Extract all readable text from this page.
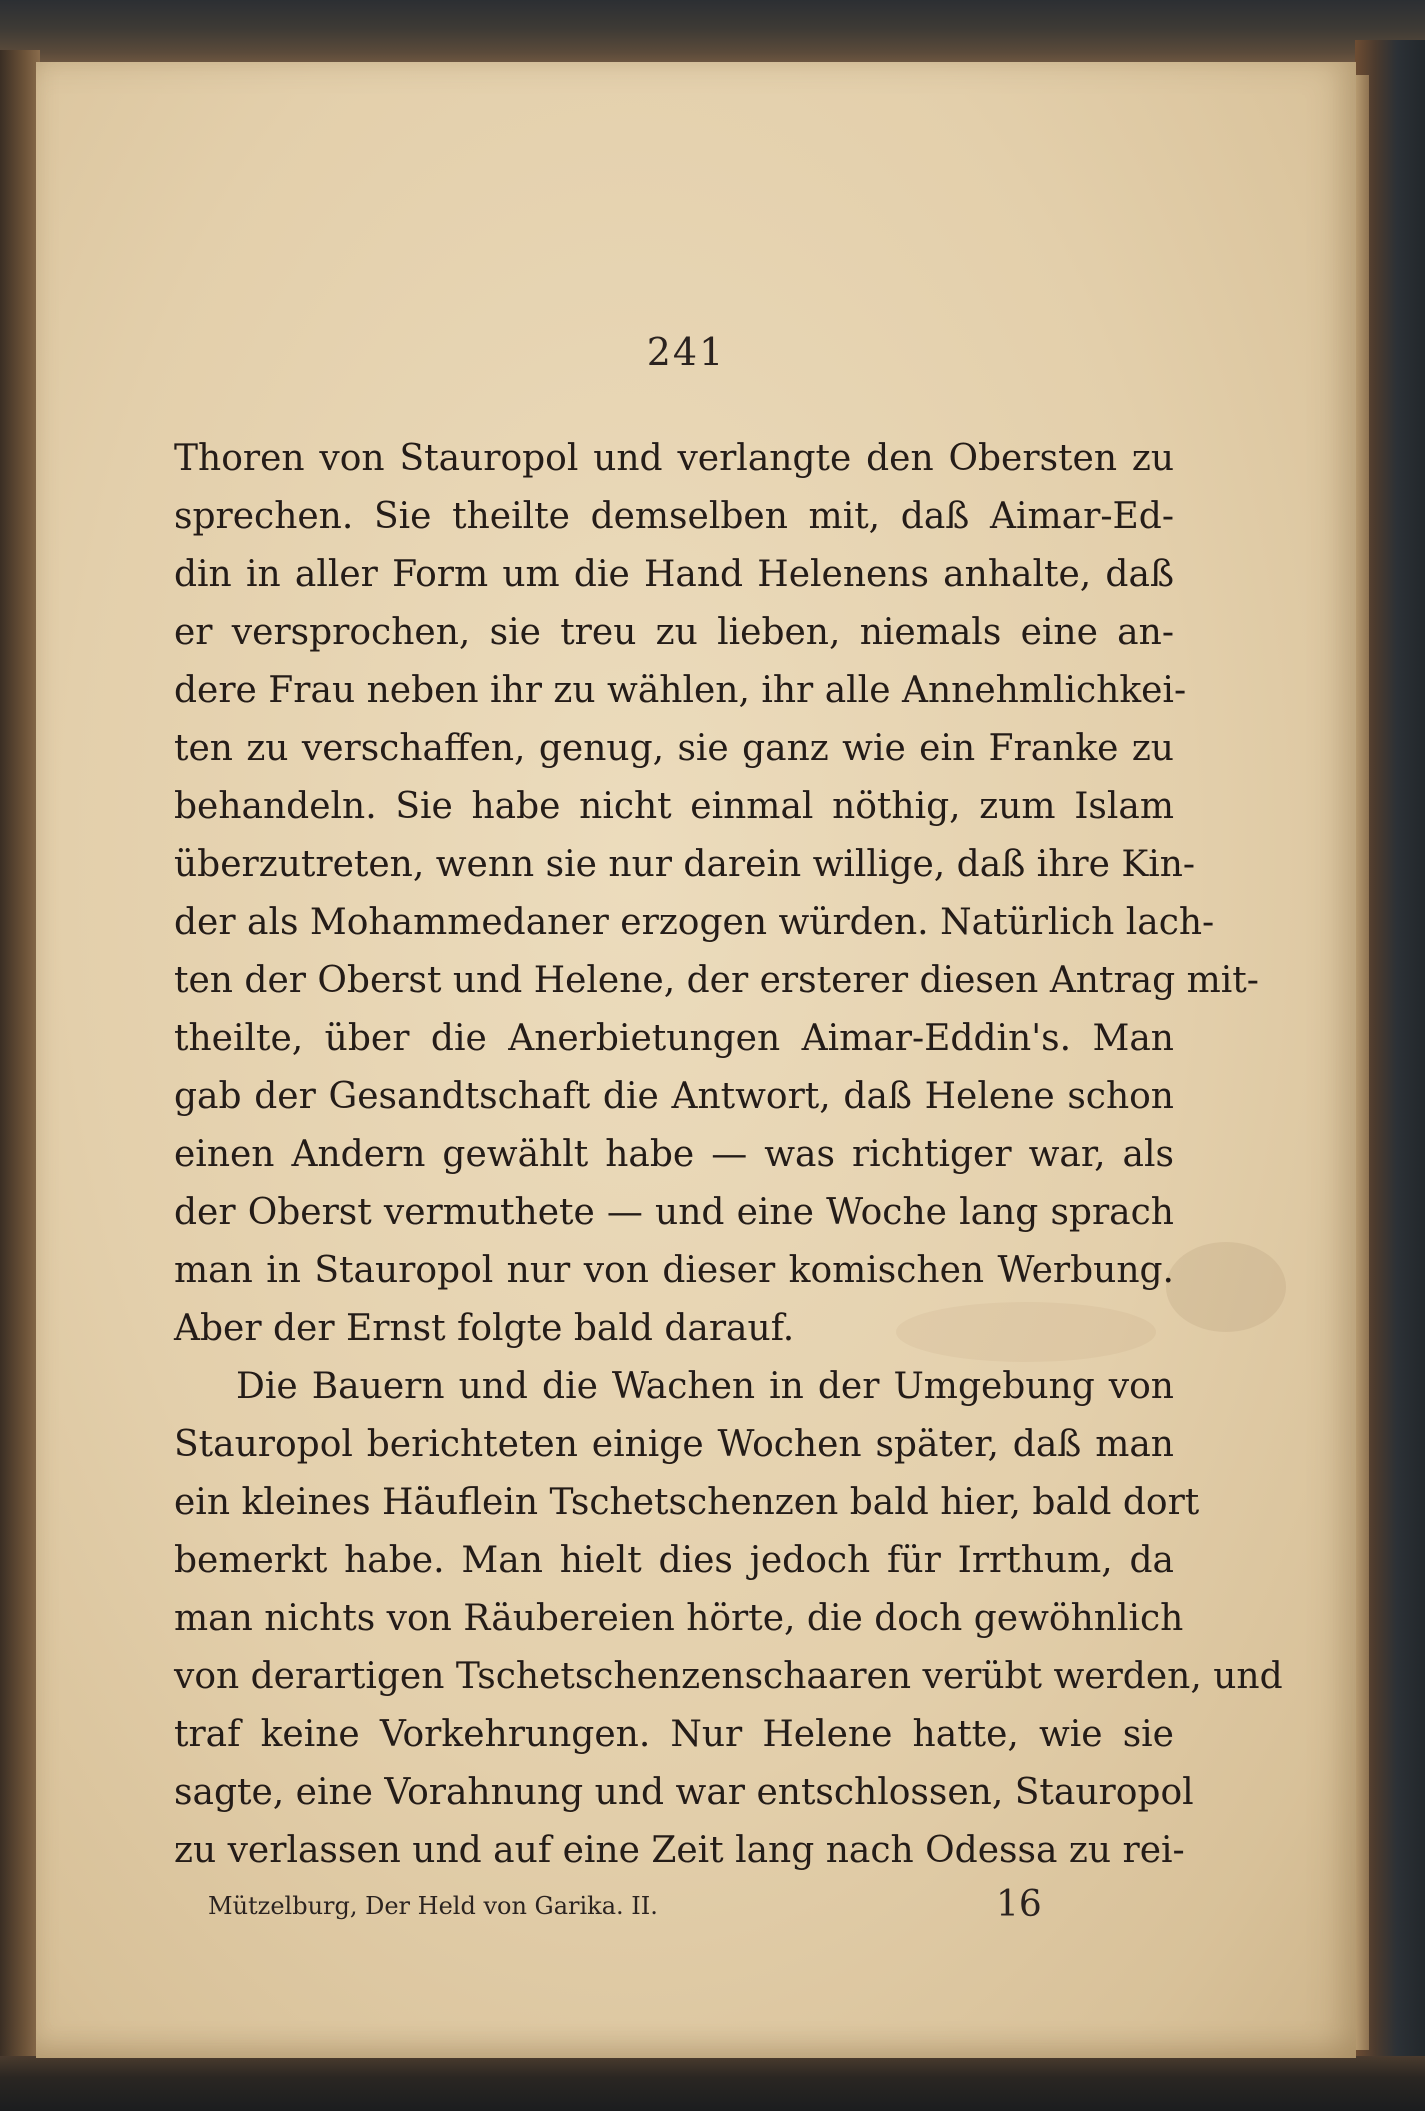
241
Thoren von Stauropol und verlangte den Obersten zu
sprechen. Sie theilte demselben mit, daß Aimar-Ed-
din in aller Form um die Hand Helenens anhalte, daß
er versprochen, sie treu zu lieben, niemals eine an-
dere Frau neben ihr zu wählen, ihr alle Annehmlichkei-
ten zu verschaffen, genug, sie ganz wie ein Franke zu
behandeln. Sie habe nicht einmal nöthig, zum Islam
überzutreten, wenn sie nur darein willige, daß ihre Kin-
der als Mohammedaner erzogen würden. Natürlich lach-
ten der Oberst und Helene, der ersterer diesen Antrag mit-
theilte, über die Anerbietungen Aimar-Eddin's. Man
gab der Gesandtschaft die Antwort, daß Helene schon
einen Andern gewählt habe — was richtiger war, als
der Oberst vermuthete — und eine Woche lang sprach
man in Stauropol nur von dieser komischen Werbung.
Aber der Ernst folgte bald darauf.
Die Bauern und die Wachen in der Umgebung von
Stauropol berichteten einige Wochen später, daß man
ein kleines Häuflein Tschetschenzen bald hier, bald dort
bemerkt habe. Man hielt dies jedoch für Irrthum, da
man nichts von Räubereien hörte, die doch gewöhnlich
von derartigen Tschetschenzenschaaren verübt werden, und
traf keine Vorkehrungen. Nur Helene hatte, wie sie
sagte, eine Vorahnung und war entschlossen, Stauropol
zu verlassen und auf eine Zeit lang nach Odessa zu rei-
Mützelburg, Der Held von Garika. II.	16
